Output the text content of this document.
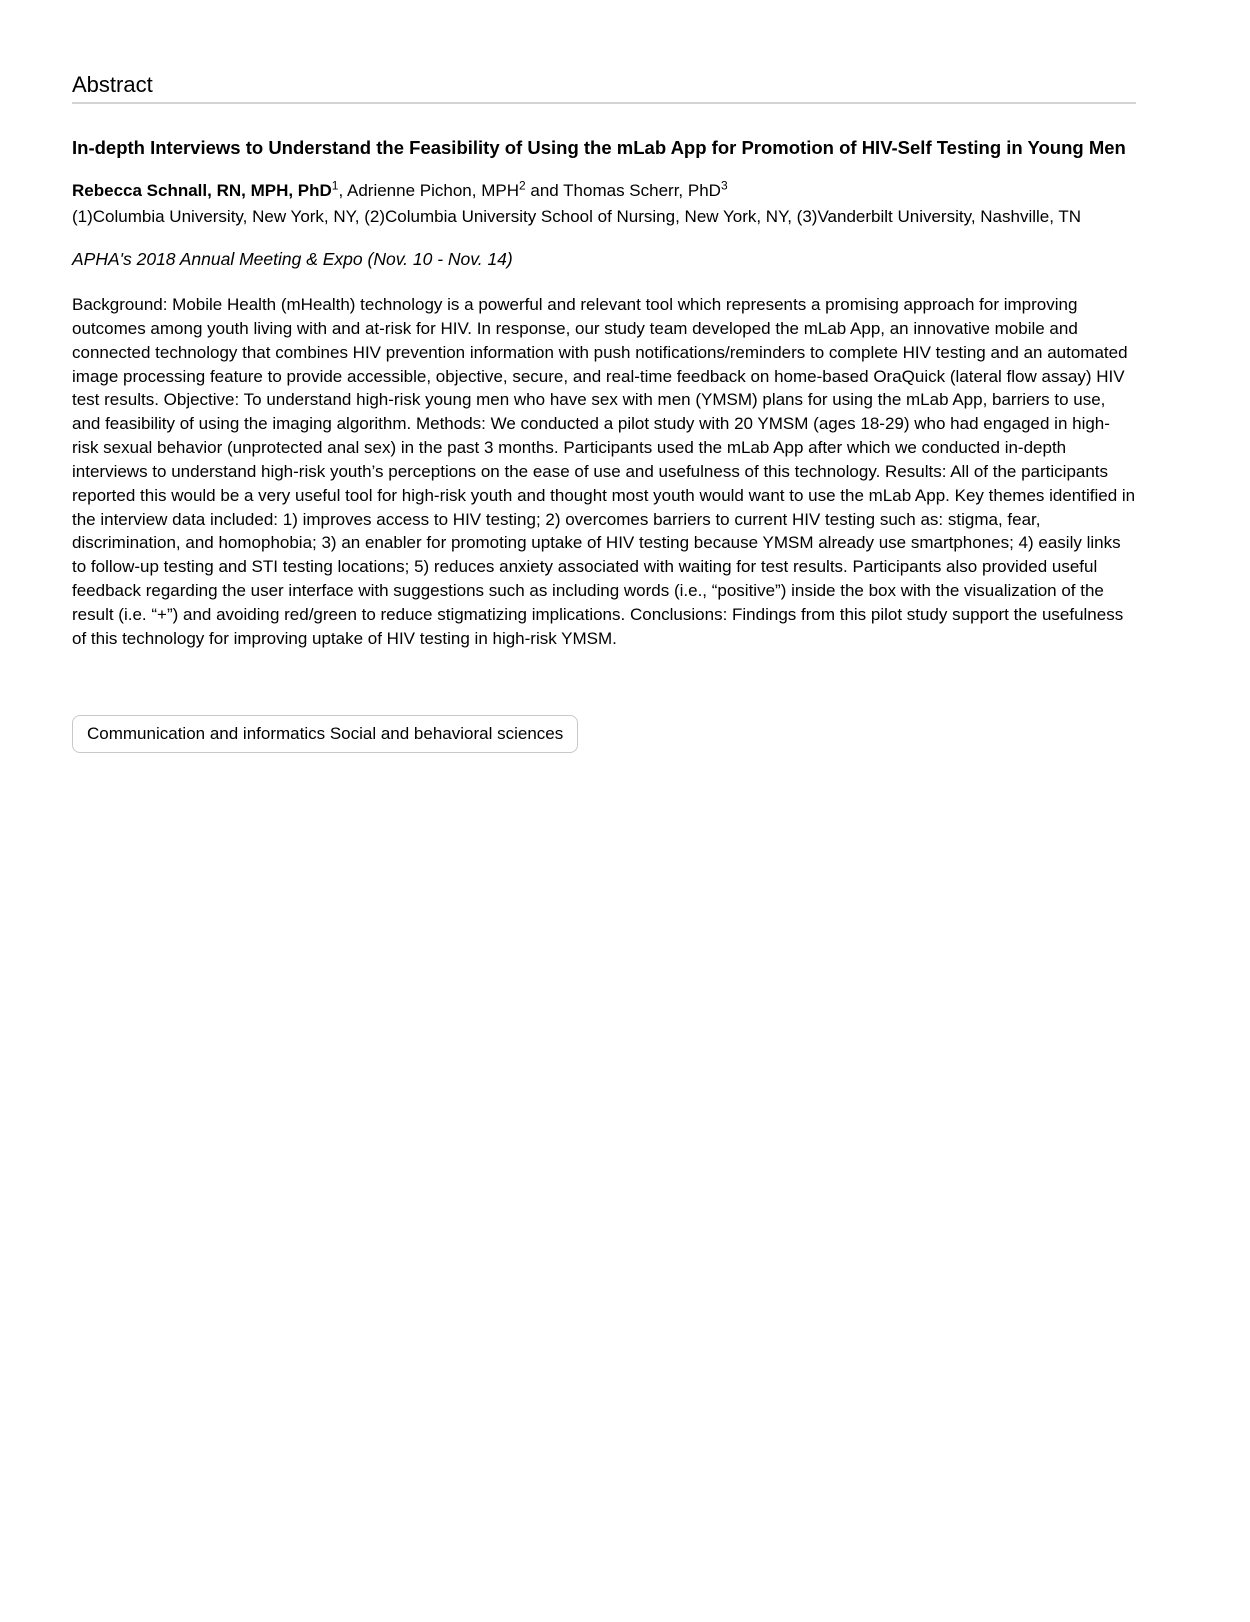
Abstract
In-depth Interviews to Understand the Feasibility of Using the mLab App for Promotion of HIV-Self Testing in Young Men

Rebecca Schnall, RN, MPH, PhD$^1$, Adrienne Pichon, MPH$^2$ and Thomas Scherr, PhD$^3$

(1)Columbia University, New York, NY, (2)Columbia University School of Nursing, New York, NY, (3)Vanderbilt University, Nashville, TN

APHA's 2018 Annual Meeting & Expo (Nov. 10 - Nov. 14)

Background: Mobile Health (mHealth) technology is a powerful and relevant tool which represents a promising approach for improving outcomes among youth living with and at-risk for HIV. In response, our study team developed the mLab App, an innovative mobile and connected technology that combines HIV prevention information with push notifications/reminders to complete HIV testing and an automated image processing feature to provide accessible, objective, secure, and real-time feedback on home-based OraQuick (lateral flow assay) HIV test results. Objective: To understand high-risk young men who have sex with men (YMSM) plans for using the mLab App, barriers to use, and feasibility of using the imaging algorithm. Methods: We conducted a pilot study with 20 YMSM (ages 18-29) who had engaged in high-risk sexual behavior (unprotected anal sex) in the past 3 months. Participants used the mLab App after which we conducted in-depth interviews to understand high-risk youth’s perceptions on the ease of use and usefulness of this technology. Results: All of the participants reported this would be a very useful tool for high-risk youth and thought most youth would want to use the mLab App. Key themes identified in the interview data included: 1) improves access to HIV testing; 2) overcomes barriers to current HIV testing such as: stigma, fear, discrimination, and homophobia; 3) an enabler for promoting uptake of HIV testing because YMSM already use smartphones; 4) easily links to follow-up testing and STI testing locations; 5) reduces anxiety associated with waiting for test results. Participants also provided useful feedback regarding the user interface with suggestions such as including words (i.e., “positive”) inside the box with the visualization of the result (i.e. “+”) and avoiding red/green to reduce stigmatizing implications. Conclusions: Findings from this pilot study support the usefulness of this technology for improving uptake of HIV testing in high-risk YMSM.

Communication and informatics Social and behavioral sciences
